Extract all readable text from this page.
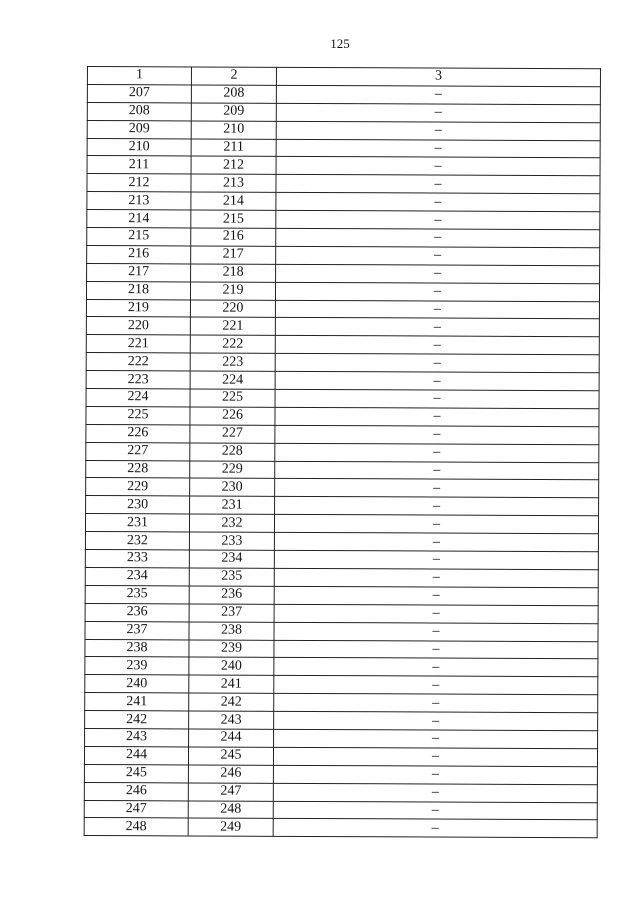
125
1	2	3
207	208	–
208	209	–
209	210	–
210	211	–
211	212	–
212	213	–
213	214	–
214	215	–
215	216	–
216	217	–
217	218	–
218	219	–
219	220	–
220	221	–
221	222	–
222	223	–
223	224	–
224	225	–
225	226	–
226	227	–
227	228	–
228	229	–
229	230	–
230	231	–
231	232	–
232	233	–
233	234	–
234	235	–
235	236	–
236	237	–
237	238	–
238	239	–
239	240	–
240	241	–
241	242	–
242	243	–
243	244	–
244	245	–
245	246	–
246	247	–
247	248	–
248	249	–
